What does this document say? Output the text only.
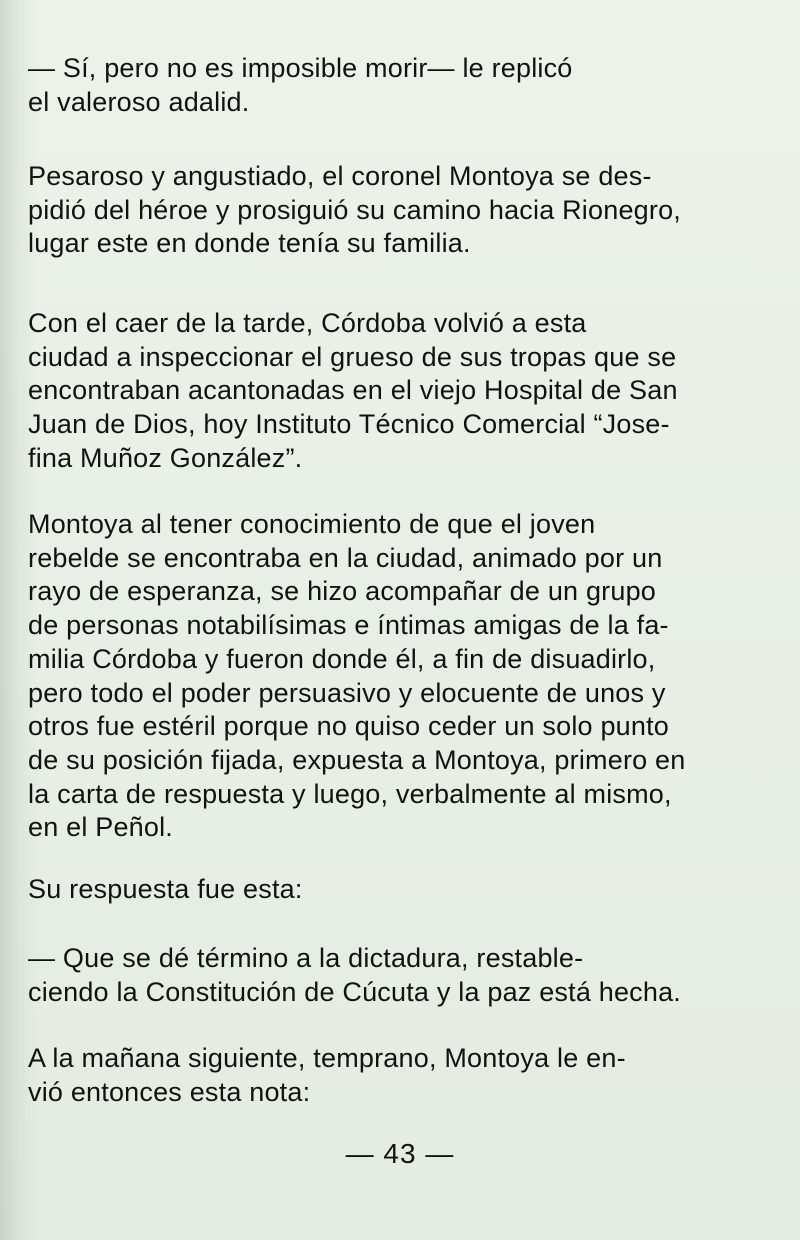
— Sí, pero no es imposible morir— le replicó
el valeroso adalid.

Pesaroso y angustiado, el coronel Montoya se des-
pidió del héroe y prosiguió su camino hacia Rionegro,
lugar este en donde tenía su familia.

Con el caer de la tarde, Córdoba volvió a esta
ciudad a inspeccionar el grueso de sus tropas que se
encontraban acantonadas en el viejo Hospital de San
Juan de Dios, hoy Instituto Técnico Comercial “Jose-
fina Muñoz González”.

Montoya al tener conocimiento de que el joven
rebelde se encontraba en la ciudad, animado por un
rayo de esperanza, se hizo acompañar de un grupo
de personas notabilísimas e íntimas amigas de la fa-
milia Córdoba y fueron donde él, a fin de disuadirlo,
pero todo el poder persuasivo y elocuente de unos y
otros fue estéril porque no quiso ceder un solo punto
de su posición fijada, expuesta a Montoya, primero en
la carta de respuesta y luego, verbalmente al mismo,
en el Peñol.

Su respuesta fue esta:

— Que se dé término a la dictadura, restable-
ciendo la Constitución de Cúcuta y la paz está hecha.

A la mañana siguiente, temprano, Montoya le en-
vió entonces esta nota:

— 43 —
